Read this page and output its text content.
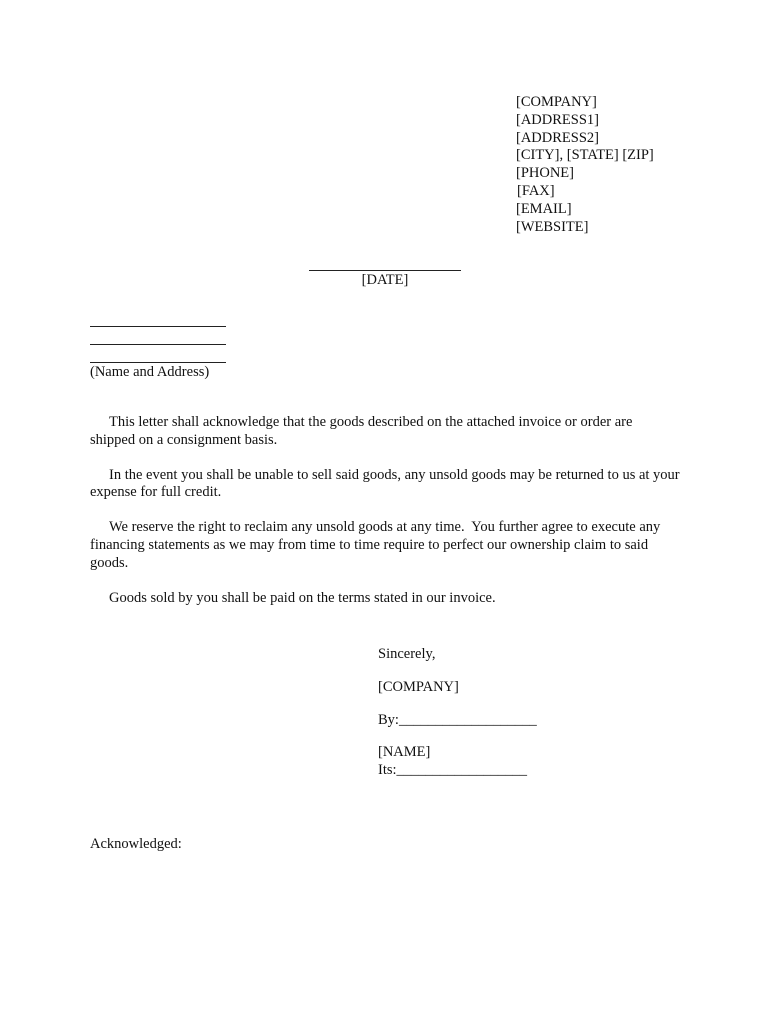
[COMPANY]
[ADDRESS1]
[ADDRESS2]
[CITY], [STATE] [ZIP]
[PHONE]
[FAX]
[EMAIL]
[WEBSITE]
[DATE]
(Name and Address)

This letter shall acknowledge that the goods described on the attached invoice or order are shipped on a consignment basis.

In the event you shall be unable to sell said goods, any unsold goods may be returned to us at your expense for full credit.

We reserve the right to reclaim any unsold goods at any time.  You further agree to execute any financing statements as we may from time to time require to perfect our ownership claim to said goods.

Goods sold by you shall be paid on the terms stated in our invoice.

Sincerely,
[COMPANY]
By:___________________
[NAME]
Its:__________________
Acknowledged:
